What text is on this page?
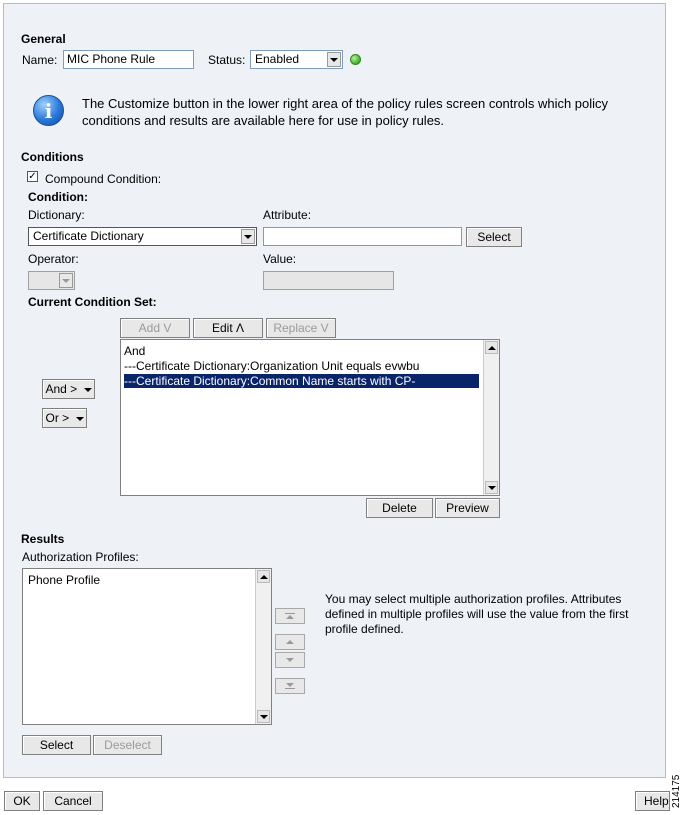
General
Name: MIC Phone Rule	Status: Enabled
i	The Customize button in the lower right area of the policy rules screen controls which policy conditions and results are available here for use in policy rules.
Conditions
✓ Compound Condition:
Condition:
Dictionary:
Certificate Dictionary
Attribute:
Select
Operator:	Value:
Current Condition Set:
Add V	Edit Λ	Replace V
And >
Or >
And
---Certificate Dictionary:Organization Unit equals evwbu
---Certificate Dictionary:Common Name starts with CP-
Delete	Preview
Results
Authorization Profiles:
Phone Profile
You may select multiple authorization profiles. Attributes defined in multiple profiles will use the value from the first profile defined.
Select	Deselect
OK	Cancel	Help 214175
